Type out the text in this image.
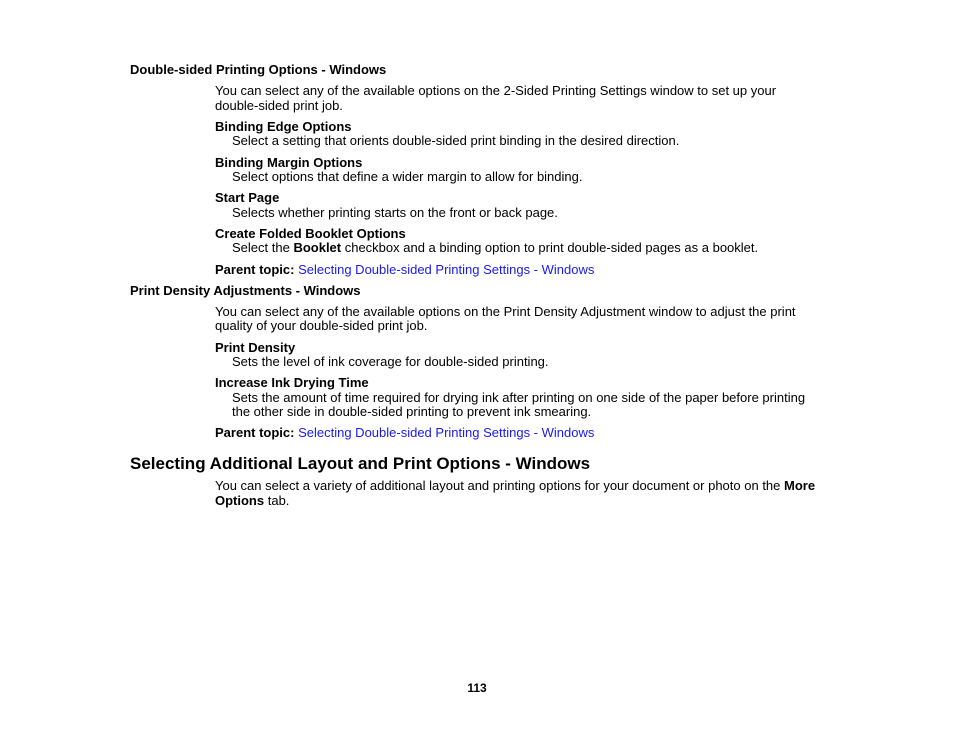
Double-sided Printing Options - Windows
You can select any of the available options on the 2-Sided Printing Settings window to set up your
double-sided print job.
Binding Edge Options
Select a setting that orients double-sided print binding in the desired direction.
Binding Margin Options
Select options that define a wider margin to allow for binding.
Start Page
Selects whether printing starts on the front or back page.
Create Folded Booklet Options
Select the Booklet checkbox and a binding option to print double-sided pages as a booklet.
Parent topic: Selecting Double-sided Printing Settings - Windows
Print Density Adjustments - Windows
You can select any of the available options on the Print Density Adjustment window to adjust the print
quality of your double-sided print job.
Print Density
Sets the level of ink coverage for double-sided printing.
Increase Ink Drying Time
Sets the amount of time required for drying ink after printing on one side of the paper before printing
the other side in double-sided printing to prevent ink smearing.
Parent topic: Selecting Double-sided Printing Settings - Windows
Selecting Additional Layout and Print Options - Windows
You can select a variety of additional layout and printing options for your document or photo on the More
Options tab.
113
